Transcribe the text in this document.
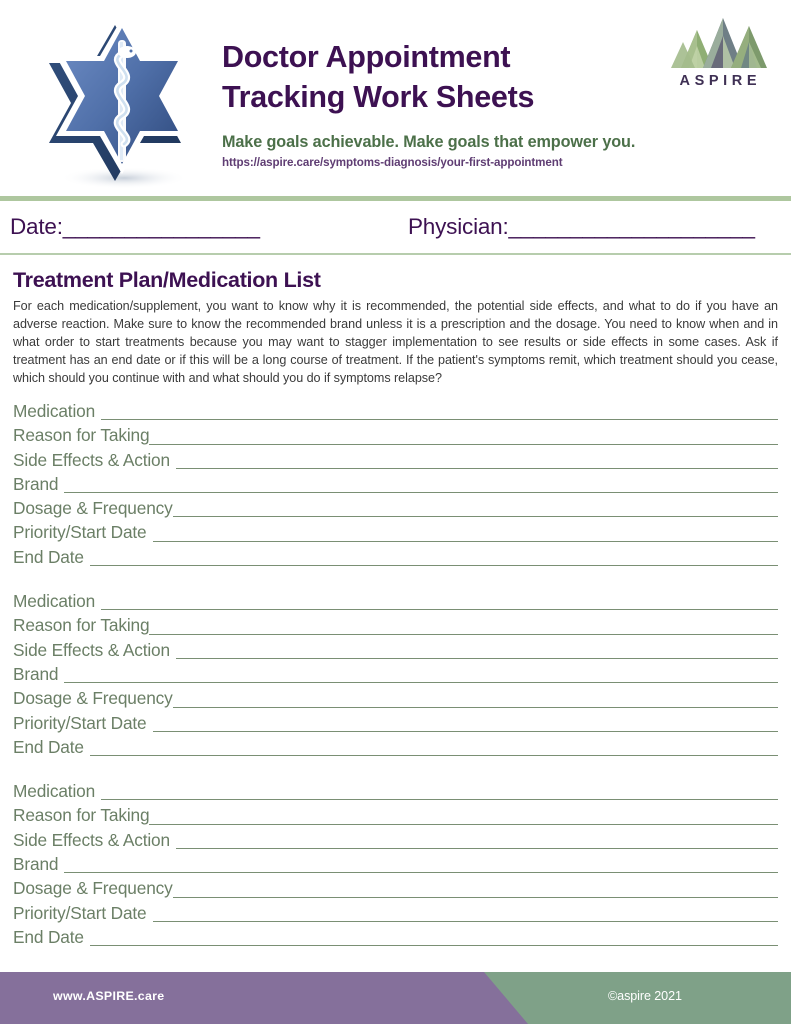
Doctor Appointment
Tracking Work Sheets
Make goals achievable. Make goals that empower you.
https://aspire.care/symptoms-diagnosis/your-first-appointment
ASPIRE
Date:________________	Physician:____________________
Treatment Plan/Medication List
For each medication/supplement, you want to know why it is recommended, the potential side effects, and what to do if you have an adverse reaction. Make sure to know the recommended brand unless it is a prescription and the dosage. You need to know when and in what order to start treatments because you may want to stagger implementation to see results or side effects in some cases. Ask if treatment has an end date or if this will be a long course of treatment. If the patient's symptoms remit, which treatment should you cease, which should you continue with and what should you do if symptoms relapse?
Medication
Reason for Taking
Side Effects & Action
Brand
Dosage & Frequency
Priority/Start Date
End Date
Medication
Reason for Taking
Side Effects & Action
Brand
Dosage & Frequency
Priority/Start Date
End Date
Medication
Reason for Taking
Side Effects & Action
Brand
Dosage & Frequency
Priority/Start Date
End Date
www.ASPIRE.care	©aspire 2021
